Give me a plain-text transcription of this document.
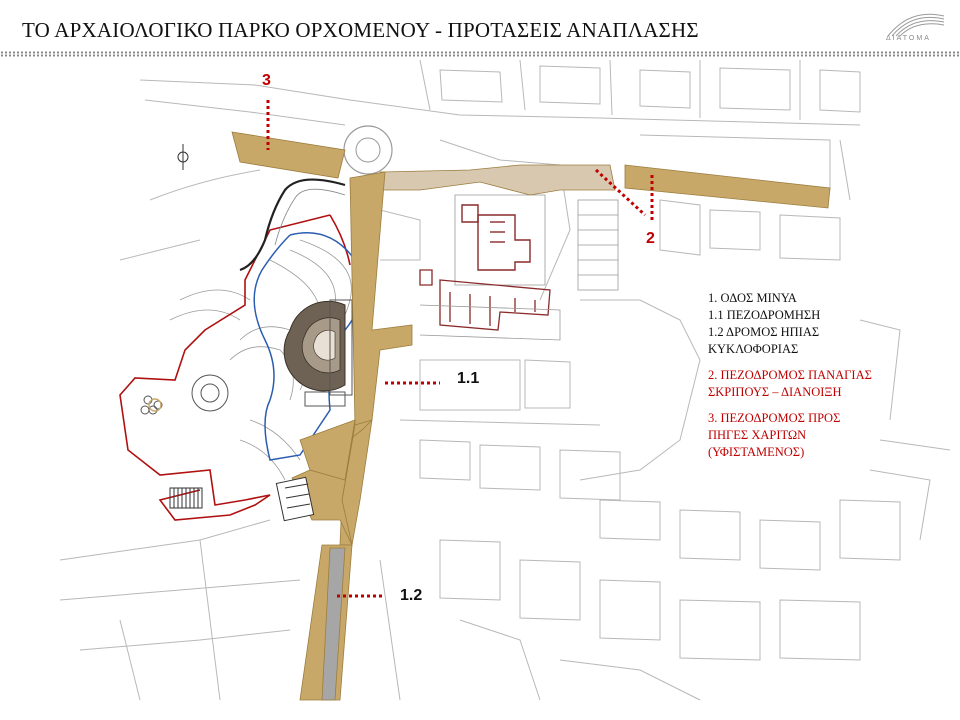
ΤΟ ΑΡΧΑΙΟΛΟΓΙΚΟ ΠΑΡΚΟ ΟΡΧΟΜΕΝΟΥ - ΠΡΟΤΑΣΕΙΣ ΑΝΑΠΛΑΣΗΣ	ΔΙΑΤΟΜΑ
3
2
1.1
1.2
1. ΟΔΟΣ ΜΙΝΥΑ
1.1 ΠΕΖΟΔΡΟΜΗΣΗ
1.2 ΔΡΟΜΟΣ ΗΠΙΑΣ
ΚΥΚΛΟΦΟΡΙΑΣ
2. ΠΕΖΟΔΡΟΜΟΣ ΠΑΝΑΓΙΑΣ
ΣΚΡΙΠΟΥΣ – ΔΙΑΝΟΙΞΗ
3. ΠΕΖΟΔΡΟΜΟΣ ΠΡΟΣ
ΠΗΓΕΣ ΧΑΡΙΤΩΝ
(ΥΦΙΣΤΑΜΕΝΟΣ)
